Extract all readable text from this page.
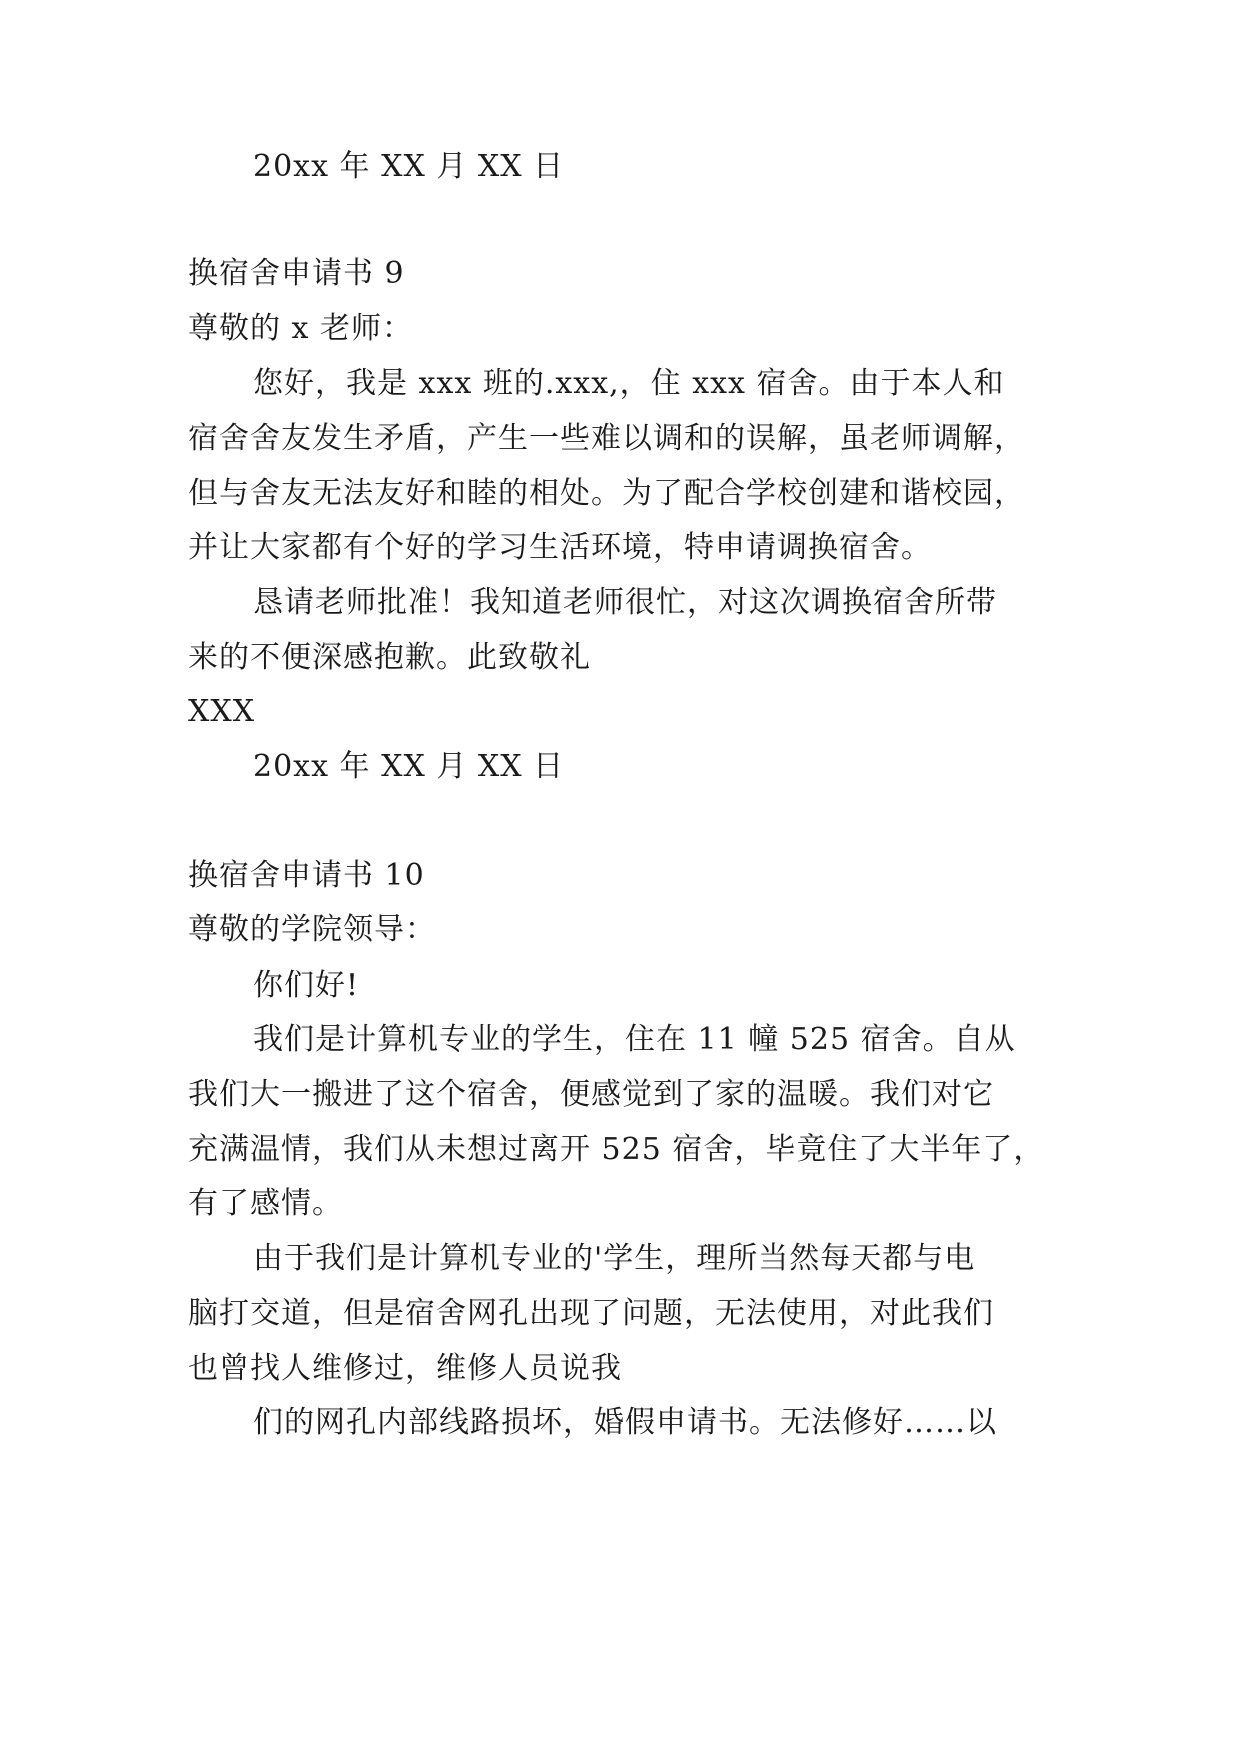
20xx 年 XX 月 XX 日
换宿舍申请书 9
尊敬的 x 老师：
您好，我是 xxx 班的.xxx,，住 xxx 宿舍。由于本人和
宿舍舍友发生矛盾，产生一些难以调和的误解，虽老师调解，
但与舍友无法友好和睦的相处。为了配合学校创建和谐校园，
并让大家都有个好的学习生活环境，特申请调换宿舍。
恳请老师批准！我知道老师很忙，对这次调换宿舍所带
来的不便深感抱歉。此致敬礼
XXX
20xx 年 XX 月 XX 日
换宿舍申请书 10
尊敬的学院领导：
你们好!
我们是计算机专业的学生，住在 11 幢 525 宿舍。自从
我们大一搬进了这个宿舍，便感觉到了家的温暖。我们对它
充满温情，我们从未想过离开 525 宿舍，毕竟住了大半年了，
有了感情。
由于我们是计算机专业的'学生，理所当然每天都与电
脑打交道，但是宿舍网孔出现了问题，无法使用，对此我们
也曾找人维修过，维修人员说我
们的网孔内部线路损坏，婚假申请书。无法修好……以
